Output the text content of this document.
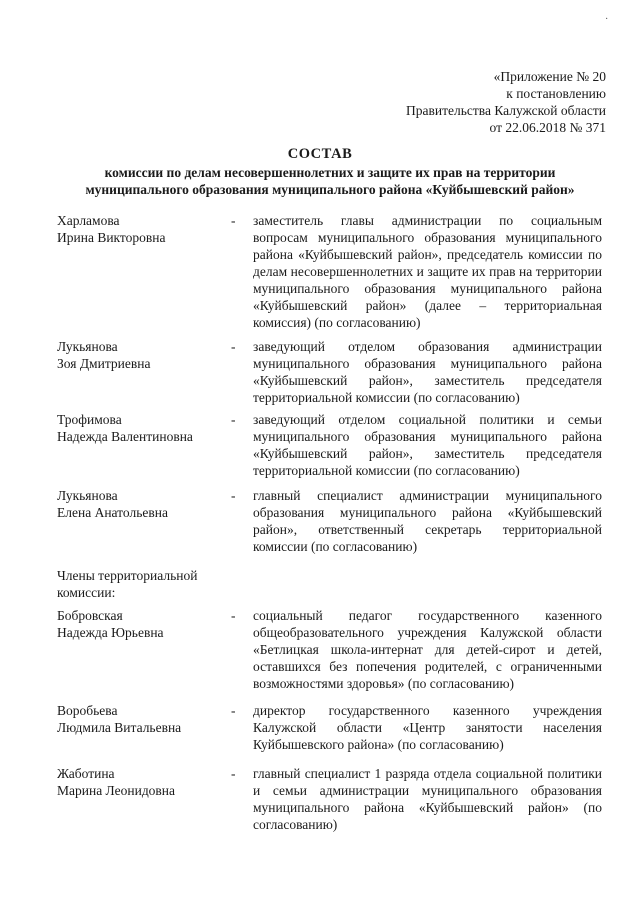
·
«Приложение № 20
к постановлению
Правительства Калужской области
от 22.06.2018 № 371
СОСТАВ
комиссии по делам несовершеннолетних и защите их прав на территории муниципального образования муниципального района «Куйбышевский район»
Харламова
Ирина Викторовна
- заместитель главы администрации по социальным вопросам муниципального образования муниципального района «Куйбышевский район», председатель комиссии по делам несовершеннолетних и защите их прав на территории муниципального образования муниципального района «Куйбышевский район» (далее – территориальная комиссия) (по согласованию)
Лукьянова
Зоя Дмитриевна
- заведующий отделом образования администрации муниципального образования муниципального района «Куйбышевский район», заместитель председателя территориальной комиссии (по согласованию)
Трофимова
Надежда Валентиновна
- заведующий отделом социальной политики и семьи муниципального образования муниципального района «Куйбышевский район», заместитель председателя территориальной комиссии (по согласованию)
Лукьянова
Елена Анатольевна
- главный специалист администрации муниципального образования муниципального района «Куйбышевский район», ответственный секретарь территориальной комиссии (по согласованию)
Члены территориальной комиссии:
Бобровская
Надежда Юрьевна
- социальный педагог государственного казенного общеобразовательного учреждения Калужской области «Бетлицкая школа-интернат для детей-сирот и детей, оставшихся без попечения родителей, с ограниченными возможностями здоровья» (по согласованию)
Воробьева
Людмила Витальевна
- директор государственного казенного учреждения Калужской области «Центр занятости населения Куйбышевского района» (по согласованию)
Жаботина
Марина Леонидовна
- главный специалист 1 разряда отдела социальной политики и семьи администрации муниципального образования муниципального района «Куйбышевский район» (по согласованию)
